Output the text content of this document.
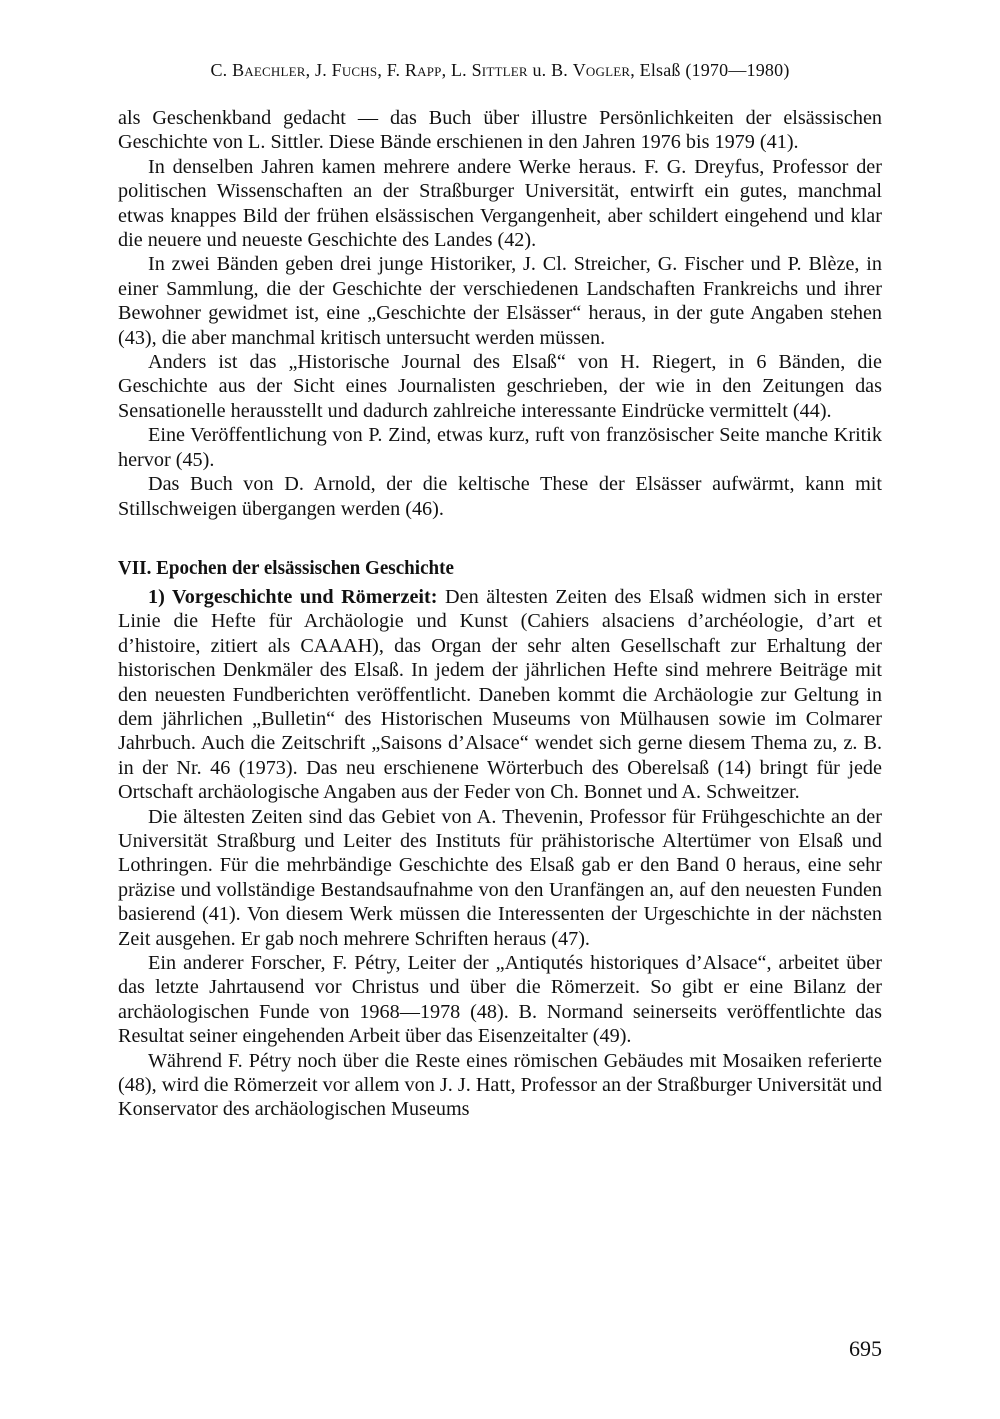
C. Baechler, J. Fuchs, F. Rapp, L. Sittler u. B. Vogler, Elsaß (1970—1980)

als Geschenkband gedacht — das Buch über illustre Persönlichkeiten der elsässischen Geschichte von L. Sittler. Diese Bände erschienen in den Jahren 1976 bis 1979 (41).

In denselben Jahren kamen mehrere andere Werke heraus. F. G. Dreyfus, Professor der politischen Wissenschaften an der Straßburger Universität, entwirft ein gutes, manchmal etwas knappes Bild der frühen elsässischen Vergangenheit, aber schildert eingehend und klar die neuere und neueste Geschichte des Landes (42).

In zwei Bänden geben drei junge Historiker, J. Cl. Streicher, G. Fischer und P. Blèze, in einer Sammlung, die der Geschichte der verschiedenen Landschaften Frankreichs und ihrer Bewohner gewidmet ist, eine „Geschichte der Elsässer“ heraus, in der gute Angaben stehen (43), die aber manchmal kritisch untersucht werden müssen.

Anders ist das „Historische Journal des Elsaß“ von H. Riegert, in 6 Bänden, die Geschichte aus der Sicht eines Journalisten geschrieben, der wie in den Zeitungen das Sensationelle herausstellt und dadurch zahlreiche interessante Eindrücke vermittelt (44).

Eine Veröffentlichung von P. Zind, etwas kurz, ruft von französischer Seite manche Kritik hervor (45).

Das Buch von D. Arnold, der die keltische These der Elsässer aufwärmt, kann mit Stillschweigen übergangen werden (46).

VII. Epochen der elsässischen Geschichte

1) Vorgeschichte und Römerzeit: Den ältesten Zeiten des Elsaß widmen sich in erster Linie die Hefte für Archäologie und Kunst (Cahiers alsaciens d’archéologie, d’art et d’histoire, zitiert als CAAAH), das Organ der sehr alten Gesellschaft zur Erhaltung der historischen Denkmäler des Elsaß. In jedem der jährlichen Hefte sind mehrere Beiträge mit den neuesten Fundberichten veröffentlicht. Daneben kommt die Archäologie zur Geltung in dem jährlichen „Bulletin“ des Historischen Museums von Mülhausen sowie im Colmarer Jahrbuch. Auch die Zeitschrift „Saisons d’Alsace“ wendet sich gerne diesem Thema zu, z. B. in der Nr. 46 (1973). Das neu erschienene Wörterbuch des Oberelsaß (14) bringt für jede Ortschaft archäologische Angaben aus der Feder von Ch. Bonnet und A. Schweitzer.

Die ältesten Zeiten sind das Gebiet von A. Thevenin, Professor für Frühgeschichte an der Universität Straßburg und Leiter des Instituts für prähistorische Altertümer von Elsaß und Lothringen. Für die mehrbändige Geschichte des Elsaß gab er den Band 0 heraus, eine sehr präzise und vollständige Bestandsaufnahme von den Uranfängen an, auf den neuesten Funden basierend (41). Von diesem Werk müssen die Interessenten der Urgeschichte in der nächsten Zeit ausgehen. Er gab noch mehrere Schriften heraus (47).

Ein anderer Forscher, F. Pétry, Leiter der „Antiqutés historiques d’Alsace“, arbeitet über das letzte Jahrtausend vor Christus und über die Römerzeit. So gibt er eine Bilanz der archäologischen Funde von 1968—1978 (48). B. Normand seinerseits veröffentlichte das Resultat seiner eingehenden Arbeit über das Eisenzeitalter (49).

Während F. Pétry noch über die Reste eines römischen Gebäudes mit Mosaiken referierte (48), wird die Römerzeit vor allem von J. J. Hatt, Professor an der Straßburger Universität und Konservator des archäologischen Museums

695
